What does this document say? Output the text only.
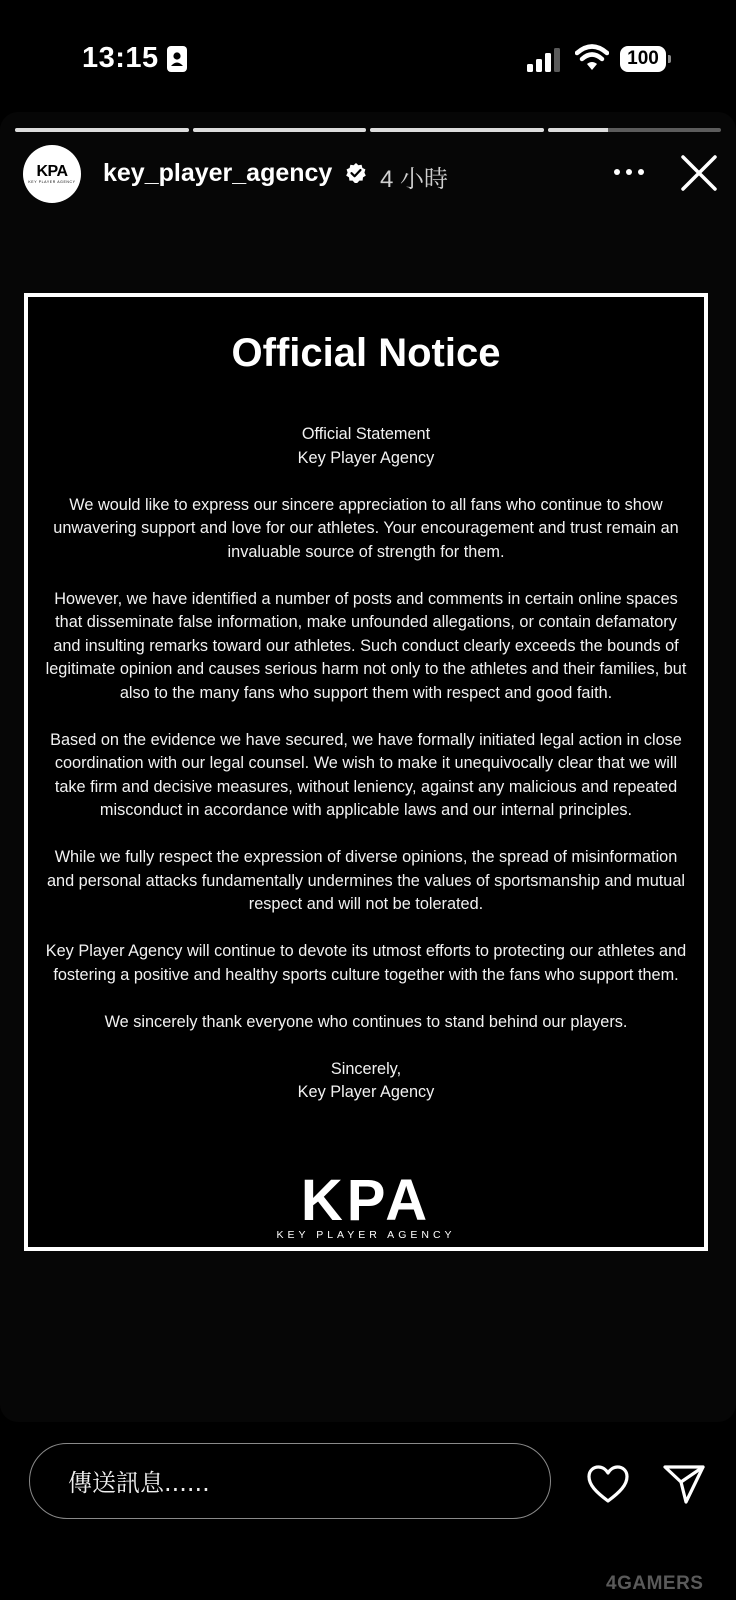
13:15	100
KPA
KEY PLAYER AGENCY key_player_agency 4 小時
Official Notice

Official Statement
Key Player Agency

We would like to express our sincere appreciation to all fans who continue to show unwavering support and love for our athletes. Your encouragement and trust remain an invaluable source of strength for them.

However, we have identified a number of posts and comments in certain online spaces that disseminate false information, make unfounded allegations, or contain defamatory and insulting remarks toward our athletes. Such conduct clearly exceeds the bounds of legitimate opinion and causes serious harm not only to the athletes and their families, but also to the many fans who support them with respect and good faith.

Based on the evidence we have secured, we have formally initiated legal action in close coordination with our legal counsel. We wish to make it unequivocally clear that we will take firm and decisive measures, without leniency, against any malicious and repeated misconduct in accordance with applicable laws and our internal principles.

While we fully respect the expression of diverse opinions, the spread of misinformation and personal attacks fundamentally undermines the values of sportsmanship and mutual respect and will not be tolerated.

Key Player Agency will continue to devote its utmost efforts to protecting our athletes and fostering a positive and healthy sports culture together with the fans who support them.

We sincerely thank everyone who continues to stand behind our players.

Sincerely,
Key Player Agency

KPA
KEY PLAYER AGENCY
傳送訊息......
4GAMERS
